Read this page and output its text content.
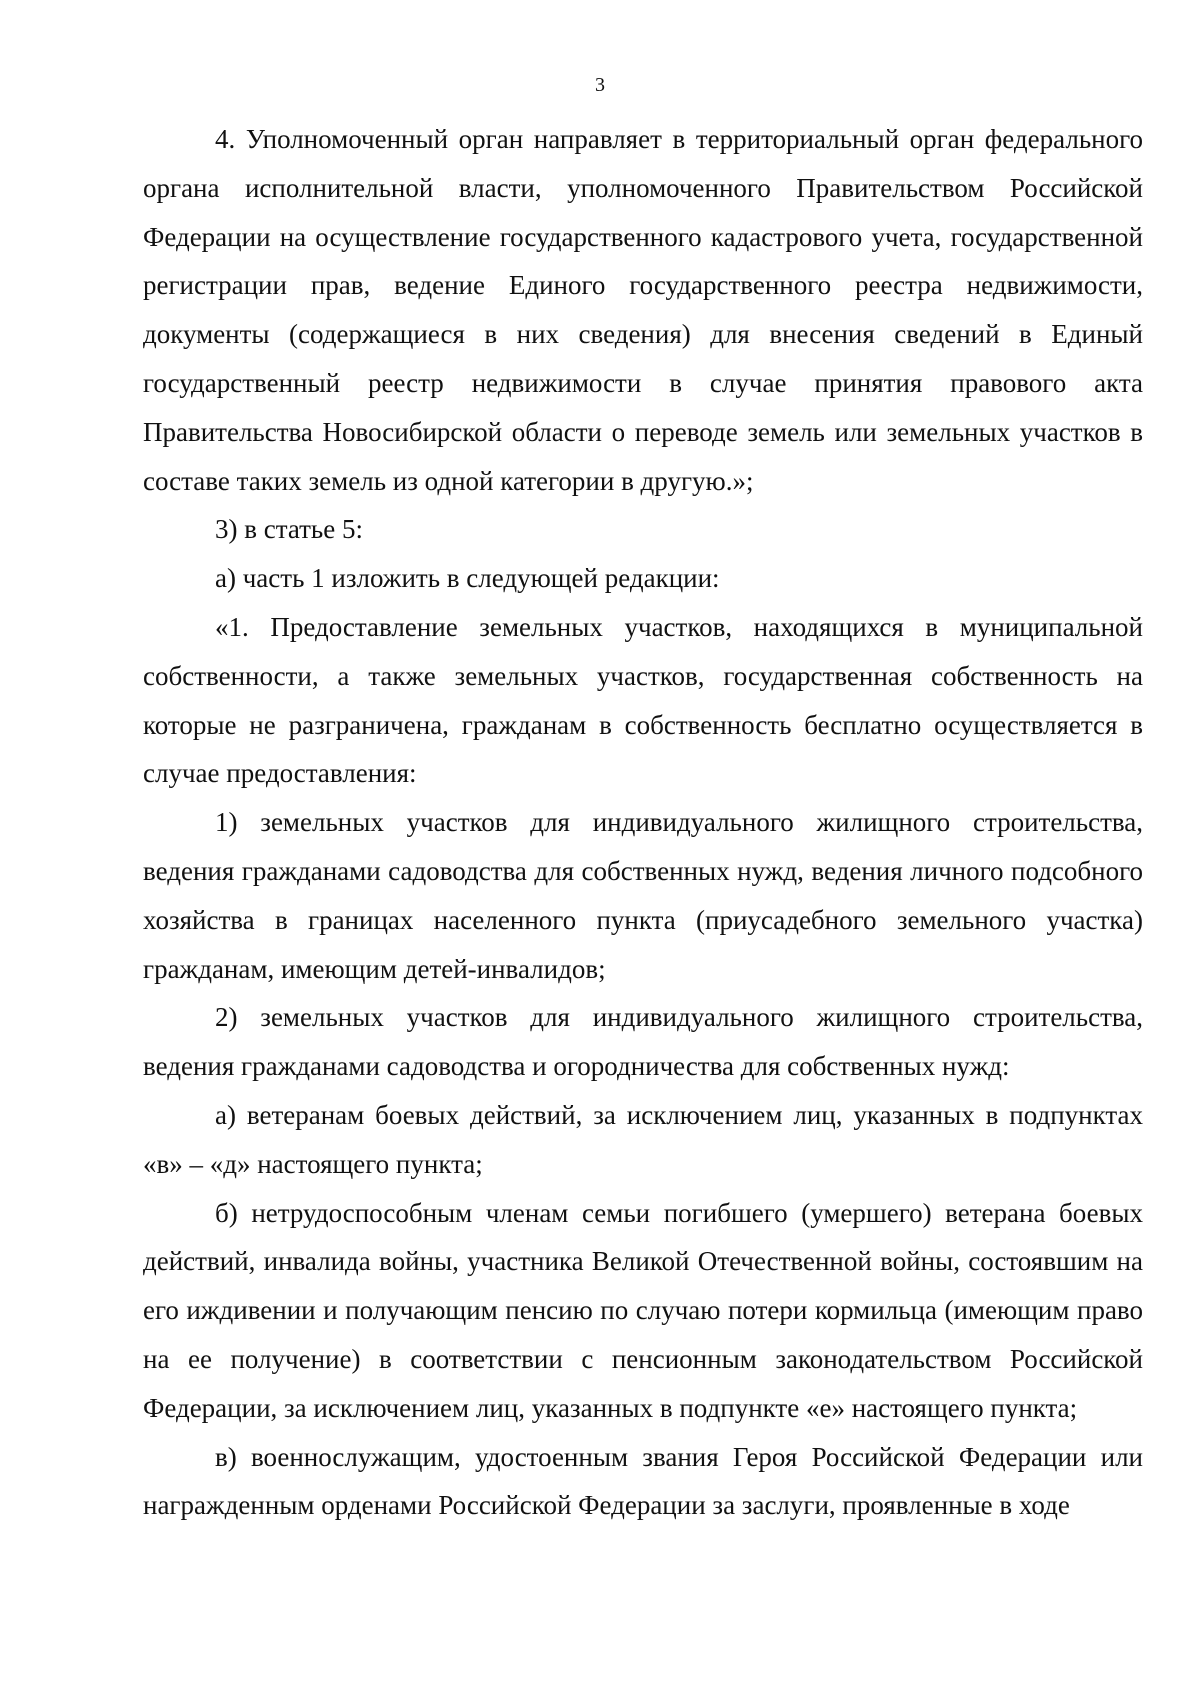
3

4. Уполномоченный орган направляет в территориальный орган федерального органа исполнительной власти, уполномоченного Правительством Российской Федерации на осуществление государственного кадастрового учета, государственной регистрации прав, ведение Единого государственного реестра недвижимости, документы (содержащиеся в них сведения) для внесения сведений в Единый государственный реестр недвижимости в случае принятия правового акта Правительства Новосибирской области о переводе земель или земельных участков в составе таких земель из одной категории в другую.»;

3) в статье 5:

а) часть 1 изложить в следующей редакции:

«1. Предоставление земельных участков, находящихся в муниципальной собственности, а также земельных участков, государственная собственность на которые не разграничена, гражданам в собственность бесплатно осуществляется в случае предоставления:

1) земельных участков для индивидуального жилищного строительства, ведения гражданами садоводства для собственных нужд, ведения личного подсобного хозяйства в границах населенного пункта (приусадебного земельного участка) гражданам, имеющим детей-инвалидов;

2) земельных участков для индивидуального жилищного строительства, ведения гражданами садоводства и огородничества для собственных нужд:

а) ветеранам боевых действий, за исключением лиц, указанных в подпунктах «в» – «д» настоящего пункта;

б) нетрудоспособным членам семьи погибшего (умершего) ветерана боевых действий, инвалида войны, участника Великой Отечественной войны, состоявшим на его иждивении и получающим пенсию по случаю потери кормильца (имеющим право на ее получение) в соответствии с пенсионным законодательством Российской Федерации, за исключением лиц, указанных в подпункте «е» настоящего пункта;

в) военнослужащим, удостоенным звания Героя Российской Федерации или награжденным орденами Российской Федерации за заслуги, проявленные в ходе
